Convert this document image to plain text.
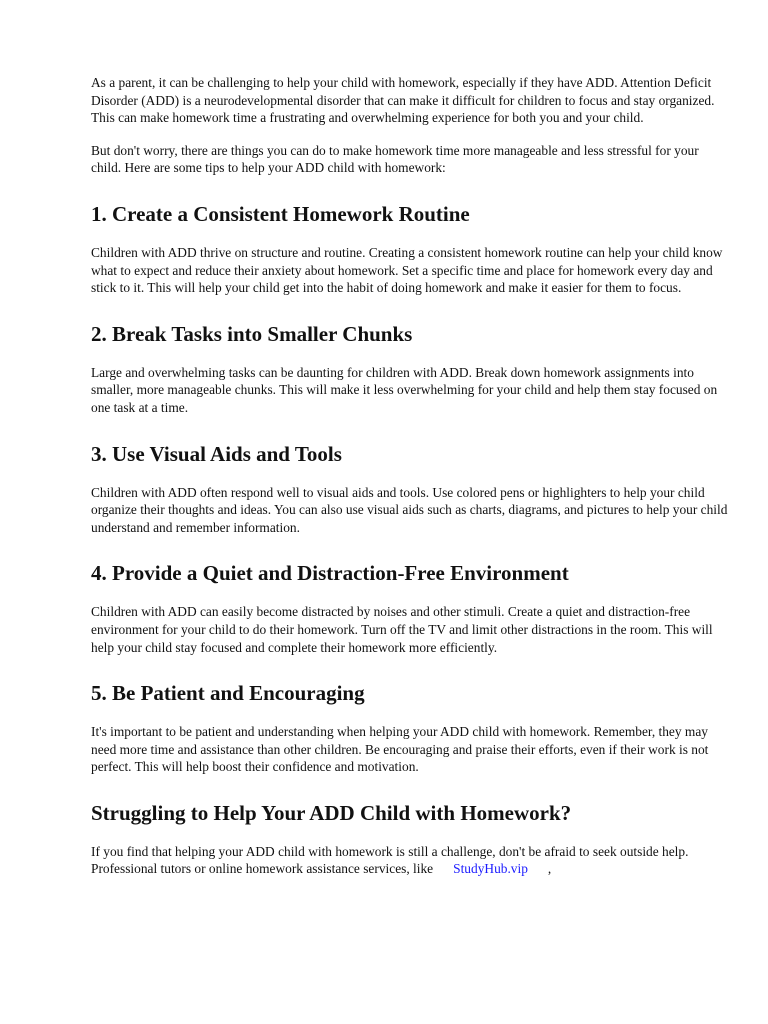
As a parent, it can be challenging to help your child with homework, especially if they have ADD. Attention Deficit Disorder (ADD) is a neurodevelopmental disorder that can make it difficult for children to focus and stay organized. This can make homework time a frustrating and overwhelming experience for both you and your child.

But don't worry, there are things you can do to make homework time more manageable and less stressful for your child. Here are some tips to help your ADD child with homework:

1. Create a Consistent Homework Routine

Children with ADD thrive on structure and routine. Creating a consistent homework routine can help your child know what to expect and reduce their anxiety about homework. Set a specific time and place for homework every day and stick to it. This will help your child get into the habit of doing homework and make it easier for them to focus.

2. Break Tasks into Smaller Chunks

Large and overwhelming tasks can be daunting for children with ADD. Break down homework assignments into smaller, more manageable chunks. This will make it less overwhelming for your child and help them stay focused on one task at a time.

3. Use Visual Aids and Tools

Children with ADD often respond well to visual aids and tools. Use colored pens or highlighters to help your child organize their thoughts and ideas. You can also use visual aids such as charts, diagrams, and pictures to help your child understand and remember information.

4. Provide a Quiet and Distraction-Free Environment

Children with ADD can easily become distracted by noises and other stimuli. Create a quiet and distraction-free environment for your child to do their homework. Turn off the TV and limit other distractions in the room. This will help your child stay focused and complete their homework more efficiently.

5. Be Patient and Encouraging

It's important to be patient and understanding when helping your ADD child with homework. Remember, they may need more time and assistance than other children. Be encouraging and praise their efforts, even if their work is not perfect. This will help boost their confidence and motivation.

Struggling to Help Your ADD Child with Homework?

If you find that helping your ADD child with homework is still a challenge, don't be afraid to seek outside help. Professional tutors or online homework assistance services, like StudyHub.vip ,
